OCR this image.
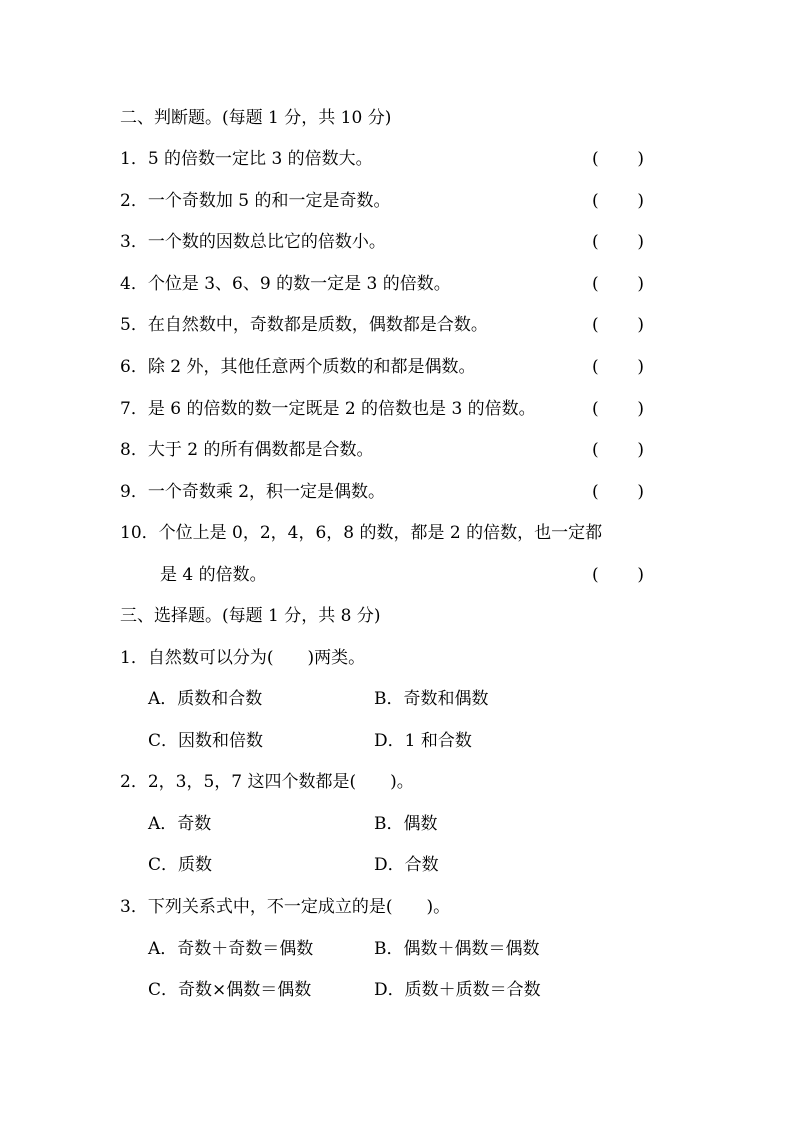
二、判断题。(每题 1 分，共 10 分)
1．5 的倍数一定比 3 的倍数大。	( )
2．一个奇数加 5 的和一定是奇数。	( )
3．一个数的因数总比它的倍数小。	( )
4．个位是 3、6、9 的数一定是 3 的倍数。	( )
5．在自然数中，奇数都是质数，偶数都是合数。	( )
6．除 2 外，其他任意两个质数的和都是偶数。	( )
7．是 6 的倍数的数一定既是 2 的倍数也是 3 的倍数。	( )
8．大于 2 的所有偶数都是合数。	( )
9．一个奇数乘 2，积一定是偶数。	( )
10．个位上是 0，2，4，6，8 的数，都是 2 的倍数，也一定都
是 4 的倍数。	( )
三、选择题。(每题 1 分，共 8 分)
1．自然数可以分为(　　)两类。
A．质数和合数	B．奇数和偶数
C．因数和倍数	D．1 和合数
2．2，3，5，7 这四个数都是(　　)。
A．奇数	B．偶数
C．质数	D．合数
3．下列关系式中，不一定成立的是(　　)。
A．奇数＋奇数＝偶数	B．偶数＋偶数＝偶数
C．奇数×偶数＝偶数	D．质数＋质数＝合数
